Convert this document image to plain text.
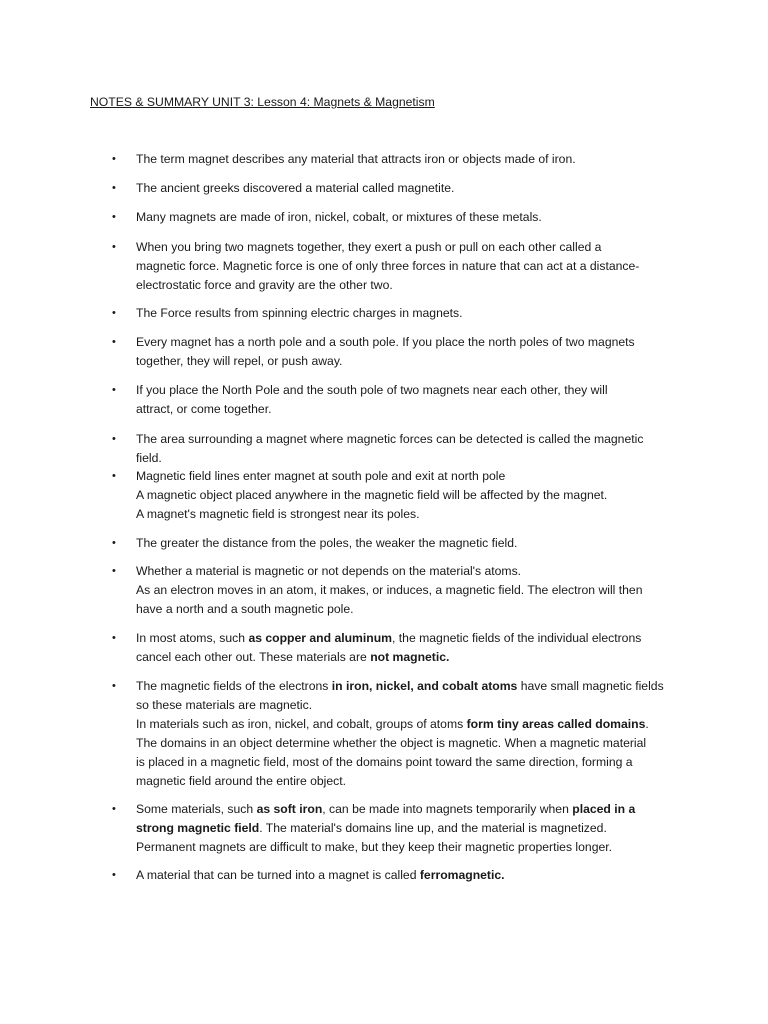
NOTES & SUMMARY UNIT 3: Lesson 4: Magnets & Magnetism
• The term magnet describes any material that attracts iron or objects made of iron.
• The ancient greeks discovered a material called magnetite.
• Many magnets are made of iron, nickel, cobalt, or mixtures of these metals.
• When you bring two magnets together, they exert a push or pull on each other called a
magnetic force. Magnetic force is one of only three forces in nature that can act at a distance-
electrostatic force and gravity are the other two.
• The Force results from spinning electric charges in magnets.
• Every magnet has a north pole and a south pole. If you place the north poles of two magnets
together, they will repel, or push away.
• If you place the North Pole and the south pole of two magnets near each other, they will
attract, or come together.
• The area surrounding a magnet where magnetic forces can be detected is called the magnetic
field.
• Magnetic field lines enter magnet at south pole and exit at north pole
A magnetic object placed anywhere in the magnetic field will be affected by the magnet.
A magnet's magnetic field is strongest near its poles.
• The greater the distance from the poles, the weaker the magnetic field.
• Whether a material is magnetic or not depends on the material's atoms.
As an electron moves in an atom, it makes, or induces, a magnetic field. The electron will then
have a north and a south magnetic pole.
• In most atoms, such as copper and aluminum, the magnetic fields of the individual electrons
cancel each other out. These materials are not magnetic.
• The magnetic fields of the electrons in iron, nickel, and cobalt atoms have small magnetic fields
so these materials are magnetic.
In materials such as iron, nickel, and cobalt, groups of atoms form tiny areas called domains.
The domains in an object determine whether the object is magnetic. When a magnetic material
is placed in a magnetic field, most of the domains point toward the same direction, forming a
magnetic field around the entire object.
• Some materials, such as soft iron, can be made into magnets temporarily when placed in a
strong magnetic field. The material's domains line up, and the material is magnetized.
Permanent magnets are difficult to make, but they keep their magnetic properties longer.
• A material that can be turned into a magnet is called ferromagnetic.
